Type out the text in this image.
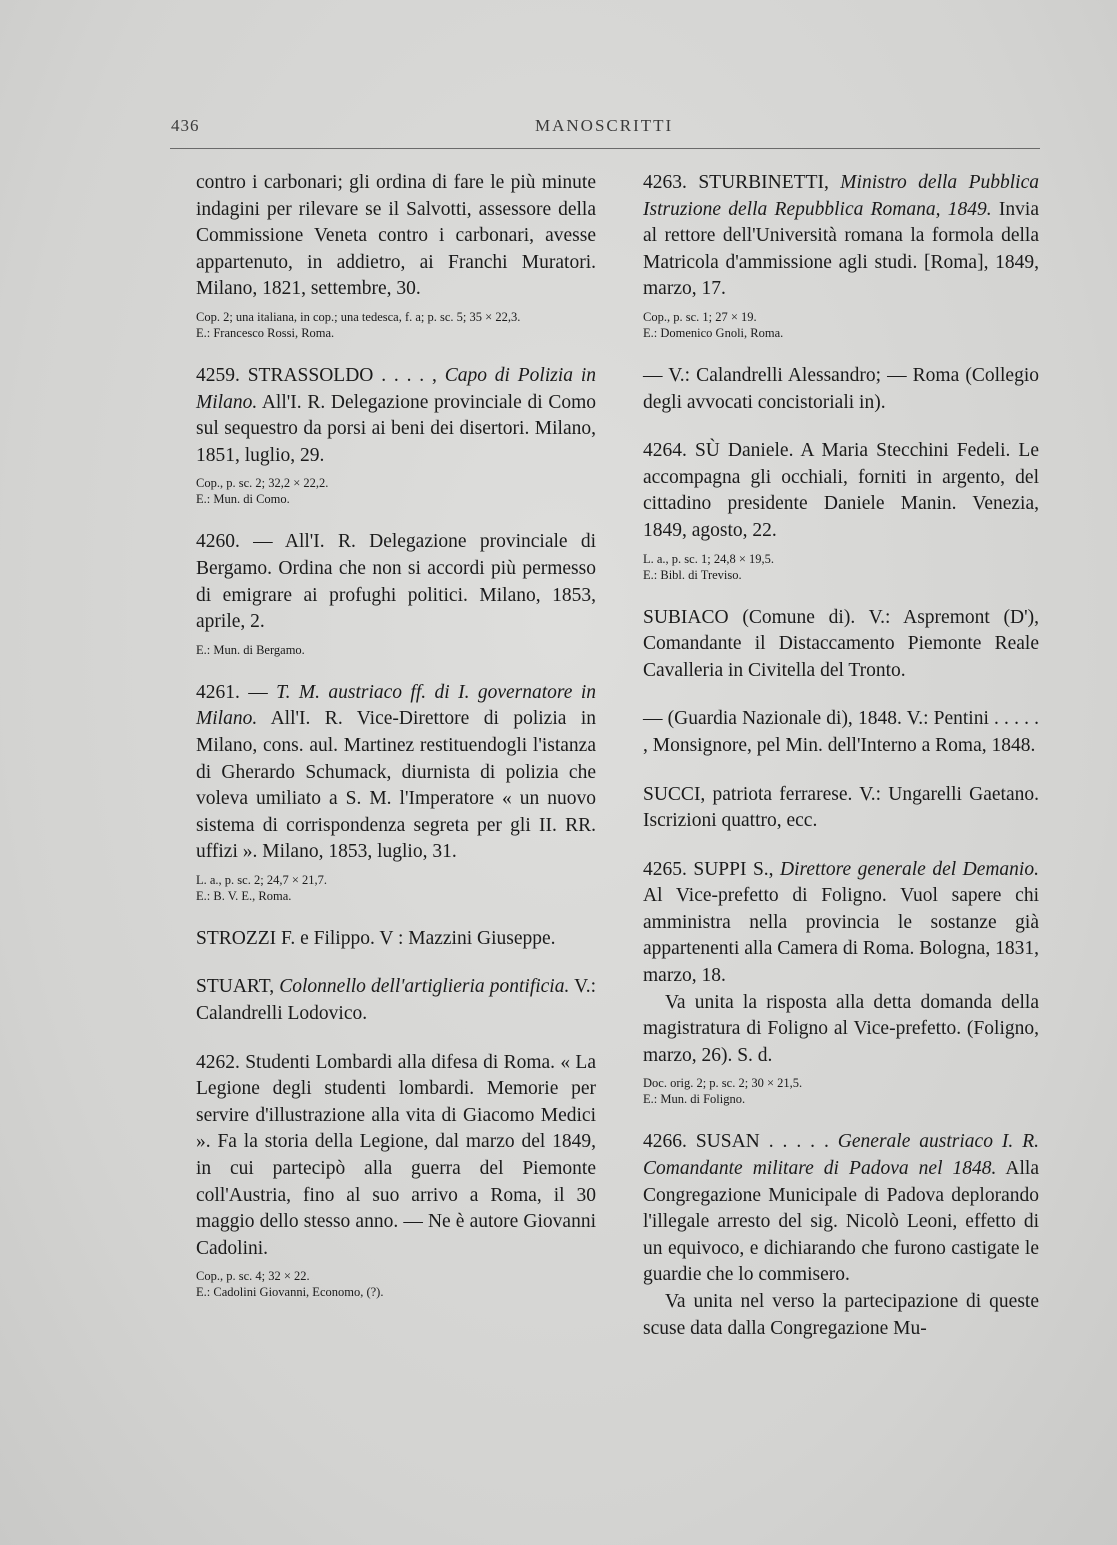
436	MANOSCRITTI

contro i carbonari; gli ordina di fare le più minute indagini per rilevare se il Salvotti, assessore della Commissione Veneta contro i carbonari, avesse appartenuto, in addietro, ai Franchi Muratori. Milano, 1821, settembre, 30.

Cop. 2; una italiana, in cop.; una tedesca, f. a; p. sc. 5; 35 × 22,3.

E.: Francesco Rossi, Roma.

4259. STRASSOLDO . . . . , Capo di Polizia in Milano. All'I. R. Delegazione provinciale di Como sul sequestro da porsi ai beni dei disertori. Milano, 1851, luglio, 29.

Cop., p. sc. 2; 32,2 × 22,2.

E.: Mun. di Como.

4260. — All'I. R. Delegazione provinciale di Bergamo. Ordina che non si accordi più permesso di emigrare ai profughi politici. Milano, 1853, aprile, 2.

E.: Mun. di Bergamo.

4261. — T. M. austriaco ff. di I. governatore in Milano. All'I. R. Vice-Direttore di polizia in Milano, cons. aul. Martinez restituendogli l'istanza di Gherardo Schumack, diurnista di polizia che voleva umiliato a S. M. l'Imperatore « un nuovo sistema di corrispondenza segreta per gli II. RR. uffizi ». Milano, 1853, luglio, 31.

L. a., p. sc. 2; 24,7 × 21,7.

E.: B. V. E., Roma.

STROZZI F. e Filippo. V : Mazzini Giuseppe.

STUART, Colonnello dell'artiglieria pontificia. V.: Calandrelli Lodovico.

4262. Studenti Lombardi alla difesa di Roma. « La Legione degli studenti lombardi. Memorie per servire d'illustrazione alla vita di Giacomo Medici ». Fa la storia della Legione, dal marzo del 1849, in cui partecipò alla guerra del Piemonte coll'Austria, fino al suo arrivo a Roma, il 30 maggio dello stesso anno. — Ne è autore Giovanni Cadolini.

Cop., p. sc. 4; 32 × 22.

E.: Cadolini Giovanni, Economo, (?).

4263. STURBINETTI, Ministro della Pubblica Istruzione della Repubblica Romana, 1849. Invia al rettore dell'Università romana la formola della Matricola d'ammissione agli studi. [Roma], 1849, marzo, 17.

Cop., p. sc. 1; 27 × 19.

E.: Domenico Gnoli, Roma.

— V.: Calandrelli Alessandro; — Roma (Collegio degli avvocati concistoriali in).

4264. SÙ Daniele. A Maria Stecchini Fedeli. Le accompagna gli occhiali, forniti in argento, del cittadino presidente Daniele Manin. Venezia, 1849, agosto, 22.

L. a., p. sc. 1; 24,8 × 19,5.

E.: Bibl. di Treviso.

SUBIACO (Comune di). V.: Aspremont (D'), Comandante il Distaccamento Piemonte Reale Cavalleria in Civitella del Tronto.

— (Guardia Nazionale di), 1848. V.: Pentini . . . . . , Monsignore, pel Min. dell'Interno a Roma, 1848.

SUCCI, patriota ferrarese. V.: Ungarelli Gaetano. Iscrizioni quattro, ecc.

4265. SUPPI S., Direttore generale del Demanio. Al Vice-prefetto di Foligno. Vuol sapere chi amministra nella provincia le sostanze già appartenenti alla Camera di Roma. Bologna, 1831, marzo, 18.

Va unita la risposta alla detta domanda della magistratura di Foligno al Vice-prefetto. (Foligno, marzo, 26). S. d.

Doc. orig. 2; p. sc. 2; 30 × 21,5.

E.: Mun. di Foligno.

4266. SUSAN . . . . . Generale austriaco I. R. Comandante militare di Padova nel 1848. Alla Congregazione Municipale di Padova deplorando l'illegale arresto del sig. Nicolò Leoni, effetto di un equivoco, e dichiarando che furono castigate le guardie che lo commisero.

Va unita nel verso la partecipazione di queste scuse data dalla Congregazione Mu-
